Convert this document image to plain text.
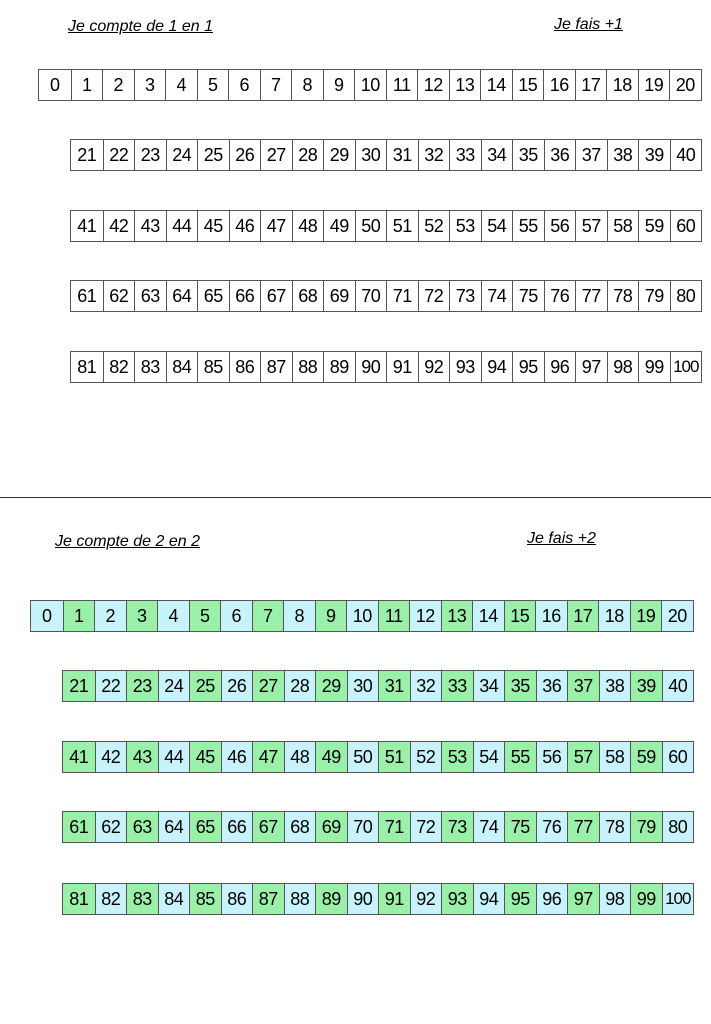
Je compte de 1 en 1	Je fais +1
0	1	2	3	4	5	6	7	8	9 10 11 12 13 14 15 16 17 18 19 20
21 22 23 24 25 26 27 28 29 30 31 32 33 34 35 36 37 38 39 40
41 42 43 44 45 46 47 48 49 50 51 52 53 54 55 56 57 58 59 60
61 62 63 64 65 66 67 68 69 70 71 72 73 74 75 76 77 78 79 80
81 82 83 84 85 86 87 88 89 90 91 92 93 94 95 96 97 98 99 100
Je compte de 2 en 2	Je fais +2
0	1	2	3	4	5	6	7	8	9 10 11 12 13 14 15 16 17 18 19 20
21 22 23 24 25 26 27 28 29 30 31 32 33 34 35 36 37 38 39 40
41 42 43 44 45 46 47 48 49 50 51 52 53 54 55 56 57 58 59 60
61 62 63 64 65 66 67 68 69 70 71 72 73 74 75 76 77 78 79 80
81 82 83 84 85 86 87 88 89 90 91 92 93 94 95 96 97 98 99 100
